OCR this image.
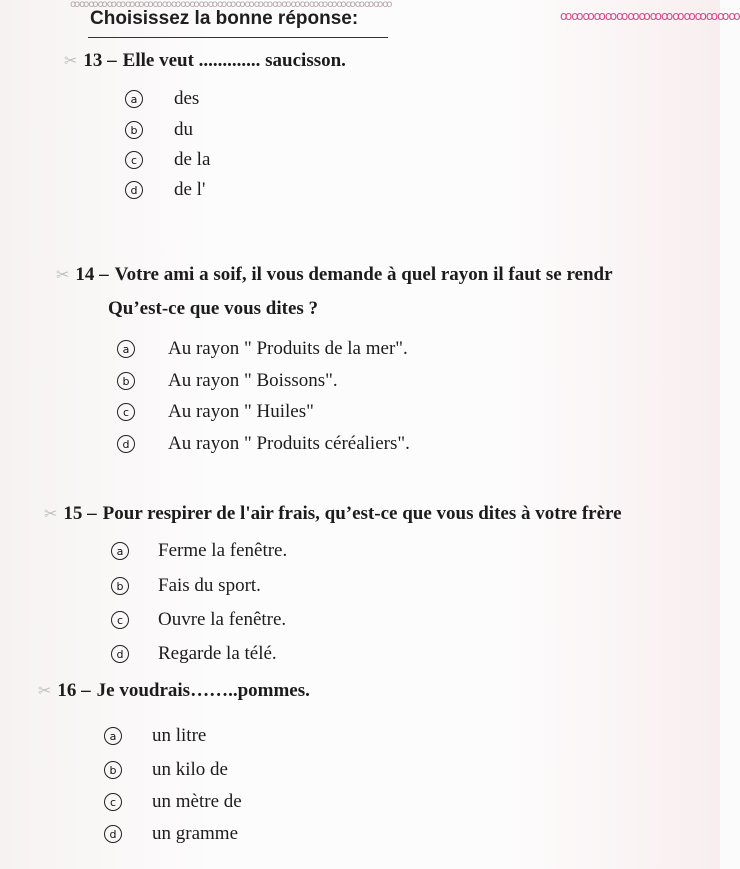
ꝏꝏꝏꝏꝏꝏꝏꝏꝏꝏꝏꝏꝏꝏꝏꝏꝏꝏꝏꝏꝏꝏꝏꝏꝏꝏꝏꝏꝏꝏꝏꝏꝏꝏꝏ
ꝏꝏꝏꝏꝏꝏꝏꝏꝏꝏꝏꝏꝏꝏꝏꝏ
Choisissez la bonne réponse:
✂ 13 – Elle veut ............. saucisson.
a des
b du
c	de la
d de l'
✂ 14 – Votre ami a soif, il vous demande à quel rayon il faut se rendr
Qu’est-ce que vous dites ?
a Au rayon " Produits de la mer".
b Au rayon " Boissons".
c	Au rayon " Huiles"
d Au rayon " Produits céréaliers".
✂ 15 – Pour respirer de l'air frais, qu’est-ce que vous dites à votre frère
a Ferme la fenêtre.
b Fais du sport.
c	Ouvre la fenêtre.
d Regarde la télé.
✂ 16 – Je voudrais……..pommes.
a un litre
b un kilo de
c	un mètre de
d un gramme
